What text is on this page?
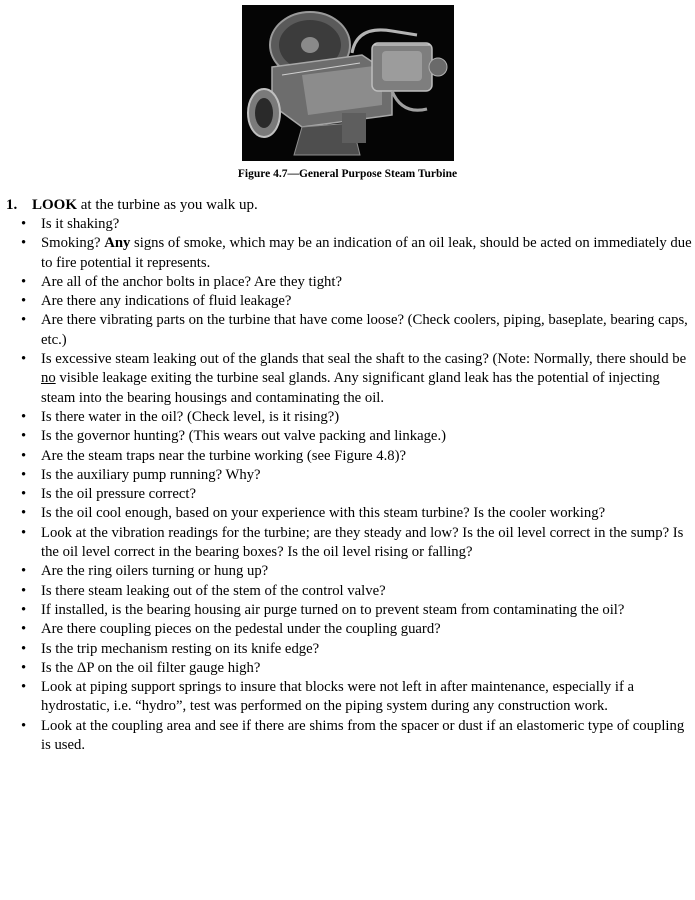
Figure 4.7—General Purpose Steam Turbine
1. LOOK at the turbine as you walk up.
• Is it shaking?
• Smoking? Any signs of smoke, which may be an indication of an oil leak, should be acted on immediately due to fire potential it represents.
• Are all of the anchor bolts in place? Are they tight?
• Are there any indications of fluid leakage?
• Are there vibrating parts on the turbine that have come loose? (Check coolers, piping, baseplate, bearing caps, etc.)
• Is excessive steam leaking out of the glands that seal the shaft to the casing? (Note: Normally, there should be no visible leakage exiting the turbine seal glands. Any significant gland leak has the potential of injecting steam into the bearing housings and contaminating the oil.
• Is there water in the oil? (Check level, is it rising?)
• Is the governor hunting? (This wears out valve packing and linkage.)
• Are the steam traps near the turbine working (see Figure 4.8)?
• Is the auxiliary pump running? Why?
• Is the oil pressure correct?
• Is the oil cool enough, based on your experience with this steam turbine? Is the cooler working?
• Look at the vibration readings for the turbine; are they steady and low? Is the oil level correct in the sump? Is the oil level correct in the bearing boxes? Is the oil level rising or falling?
• Are the ring oilers turning or hung up?
• Is there steam leaking out of the stem of the control valve?
• If installed, is the bearing housing air purge turned on to prevent steam from contaminating the oil?
• Are there coupling pieces on the pedestal under the coupling guard?
• Is the trip mechanism resting on its knife edge?
• Is the ΔP on the oil filter gauge high?
• Look at piping support springs to insure that blocks were not left in after maintenance, especially if a hydrostatic, i.e. “hydro”, test was performed on the piping system during any construction work.
• Look at the coupling area and see if there are shims from the spacer or dust if an elastomeric type of coupling is used.
